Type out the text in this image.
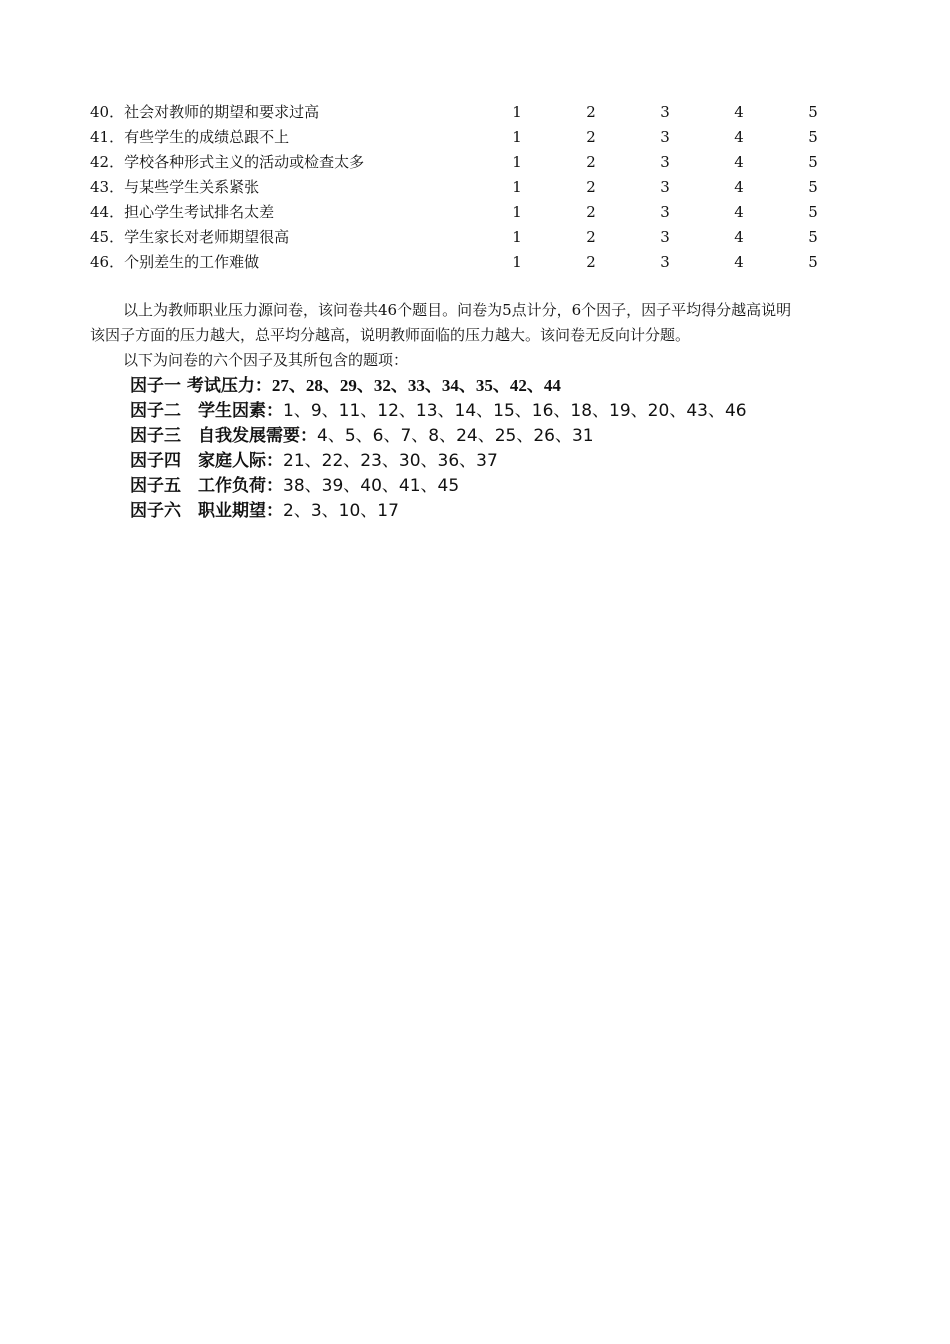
40．社会对教师的期望和要求过高	1	2	3	4	5
41．有些学生的成绩总跟不上	1	2	3	4	5
42．学校各种形式主义的活动或检查太多	1	2	3	4	5
43．与某些学生关系紧张	1	2	3	4	5
44．担心学生考试排名太差	1	2	3	4	5
45．学生家长对老师期望很高	1	2	3	4	5
46．个别差生的工作难做	1	2	3	4	5
以上为教师职业压力源问卷，该问卷共46个题目。问卷为5点计分，6个因子，因子平均得分越高说明
该因子方面的压力越大，总平均分越高，说明教师面临的压力越大。该问卷无反向计分题。
以下为问卷的六个因子及其所包含的题项：
因子一 考试压力：27、28、29、32、33、34、35、42、44
因子二　学生因素：1、9、11、12、13、14、15、16、18、19、20、43、46
因子三　自我发展需要：4、5、6、7、8、24、25、26、31
因子四　家庭人际：21、22、23、30、36、37
因子五　工作负荷：38、39、40、41、45
因子六　职业期望：2、3、10、17
